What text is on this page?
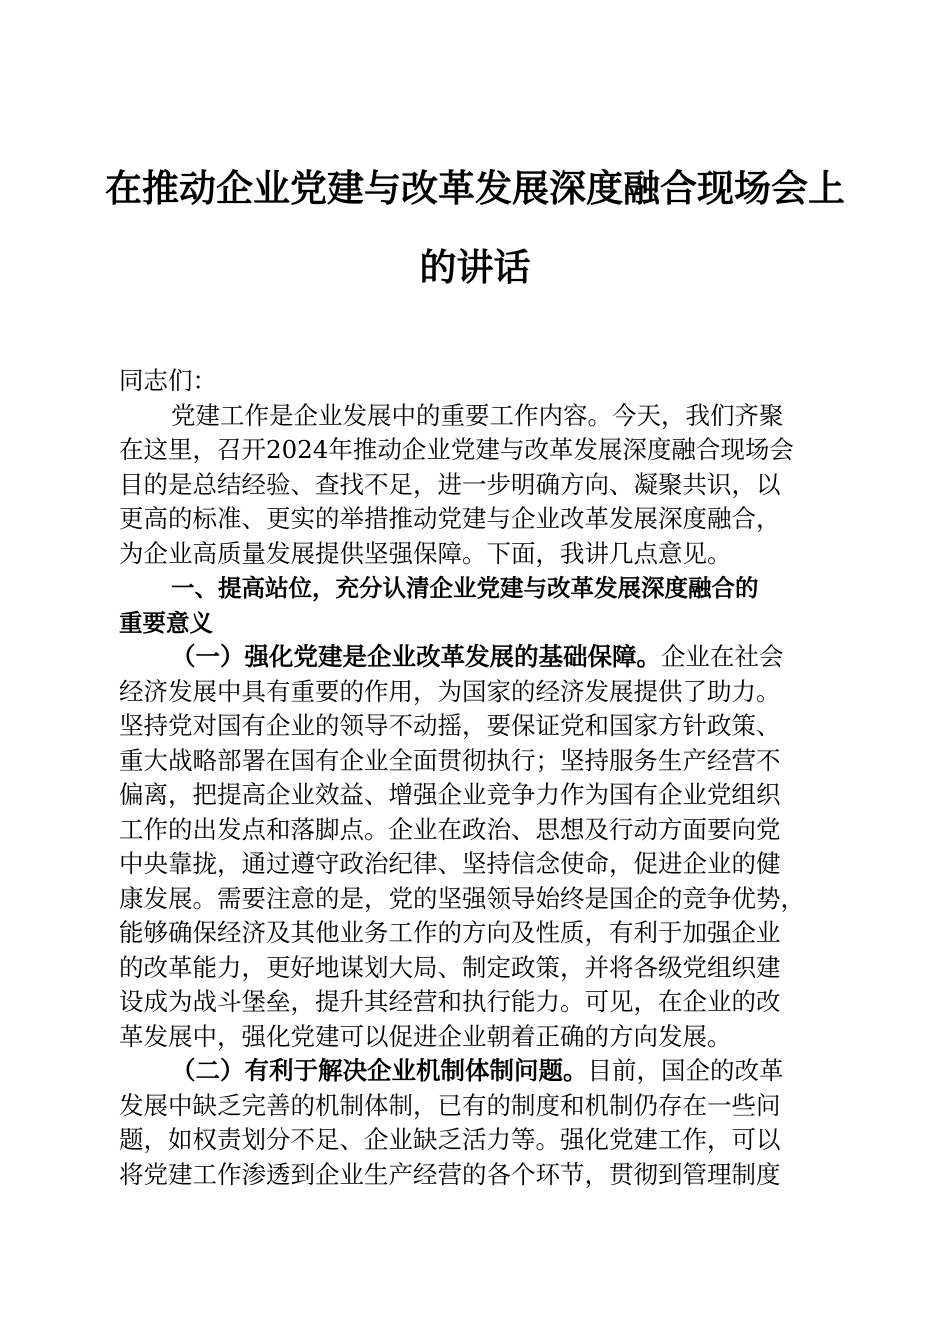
在推动企业党建与改革发展深度融合现场会上
的讲话
同志们：
党建工作是企业发展中的重要工作内容。今天，我们齐聚
在这里，召开2024年推动企业党建与改革发展深度融合现场会
目的是总结经验、查找不足，进一步明确方向、凝聚共识，以
更高的标准、更实的举措推动党建与企业改革发展深度融合，
为企业高质量发展提供坚强保障。下面，我讲几点意见。
一、提高站位，充分认清企业党建与改革发展深度融合的
重要意义
（一）强化党建是企业改革发展的基础保障。企业在社会
经济发展中具有重要的作用，为国家的经济发展提供了助力。
坚持党对国有企业的领导不动摇，要保证党和国家方针政策、
重大战略部署在国有企业全面贯彻执行；坚持服务生产经营不
偏离，把提高企业效益、增强企业竞争力作为国有企业党组织
工作的出发点和落脚点。企业在政治、思想及行动方面要向党
中央靠拢，通过遵守政治纪律、坚持信念使命，促进企业的健
康发展。需要注意的是，党的坚强领导始终是国企的竞争优势，
能够确保经济及其他业务工作的方向及性质，有利于加强企业
的改革能力，更好地谋划大局、制定政策，并将各级党组织建
设成为战斗堡垒，提升其经营和执行能力。可见，在企业的改
革发展中，强化党建可以促进企业朝着正确的方向发展。
（二）有利于解决企业机制体制问题。目前，国企的改革
发展中缺乏完善的机制体制，已有的制度和机制仍存在一些问
题，如权责划分不足、企业缺乏活力等。强化党建工作，可以
将党建工作渗透到企业生产经营的各个环节，贯彻到管理制度
